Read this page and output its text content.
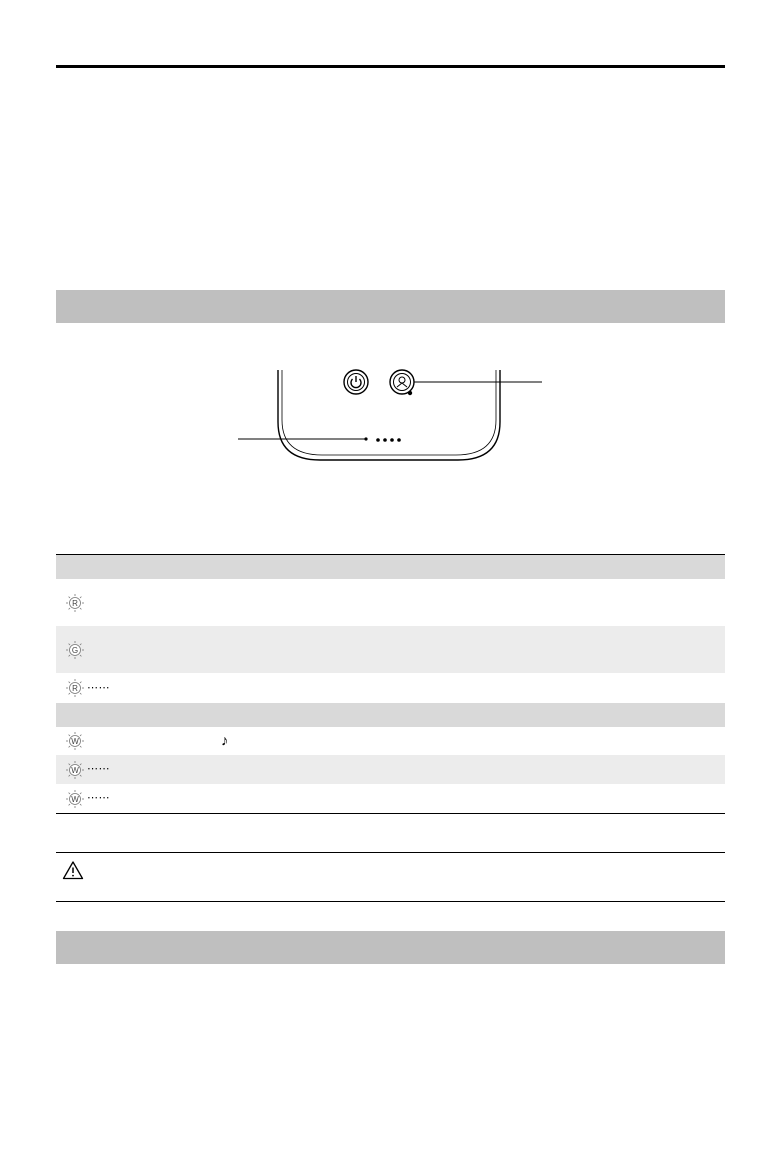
R
G
R ⋯⋯
W	♪
W ⋯⋯
W ⋯⋯
